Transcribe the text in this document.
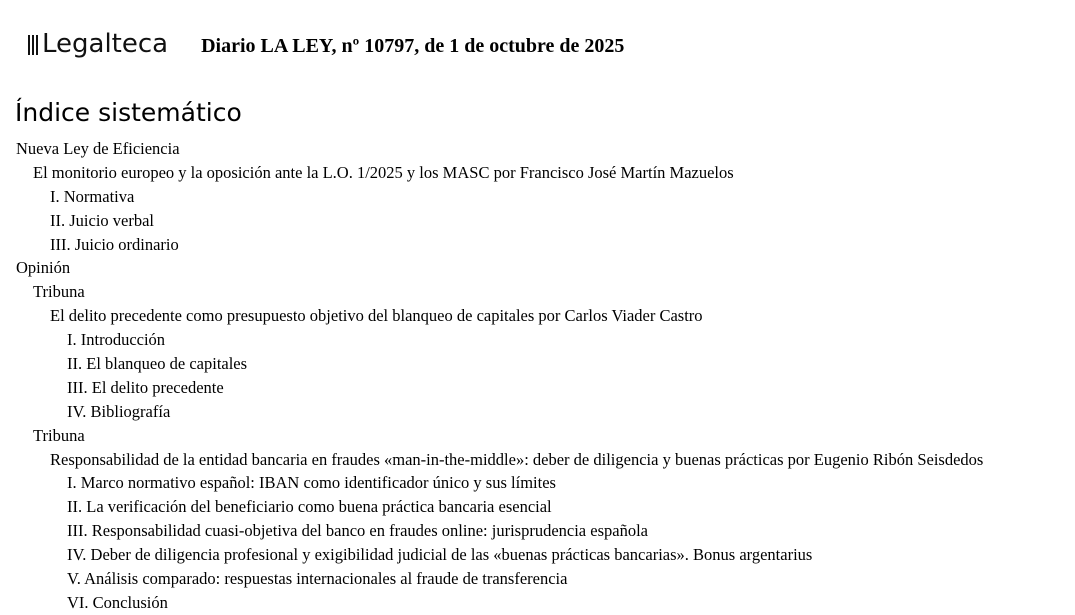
Legalteca Diario LA LEY, nº 10797, de 1 de octubre de 2025
Índice sistemático
Nueva Ley de Eficiencia
El monitorio europeo y la oposición ante la L.O. 1/2025 y los MASC por Francisco José Martín Mazuelos
I. Normativa
II. Juicio verbal
III. Juicio ordinario
Opinión
Tribuna
El delito precedente como presupuesto objetivo del blanqueo de capitales por Carlos Viader Castro
I. Introducción
II. El blanqueo de capitales
III. El delito precedente
IV. Bibliografía
Tribuna
Responsabilidad de la entidad bancaria en fraudes «man-in-the-middle»: deber de diligencia y buenas prácticas por Eugenio Ribón Seisdedos
I. Marco normativo español: IBAN como identificador único y sus límites
II. La verificación del beneficiario como buena práctica bancaria esencial
III. Responsabilidad cuasi-objetiva del banco en fraudes online: jurisprudencia española
IV. Deber de diligencia profesional y exigibilidad judicial de las «buenas prácticas bancarias». Bonus argentarius
V. Análisis comparado: respuestas internacionales al fraude de transferencia
VI. Conclusión
